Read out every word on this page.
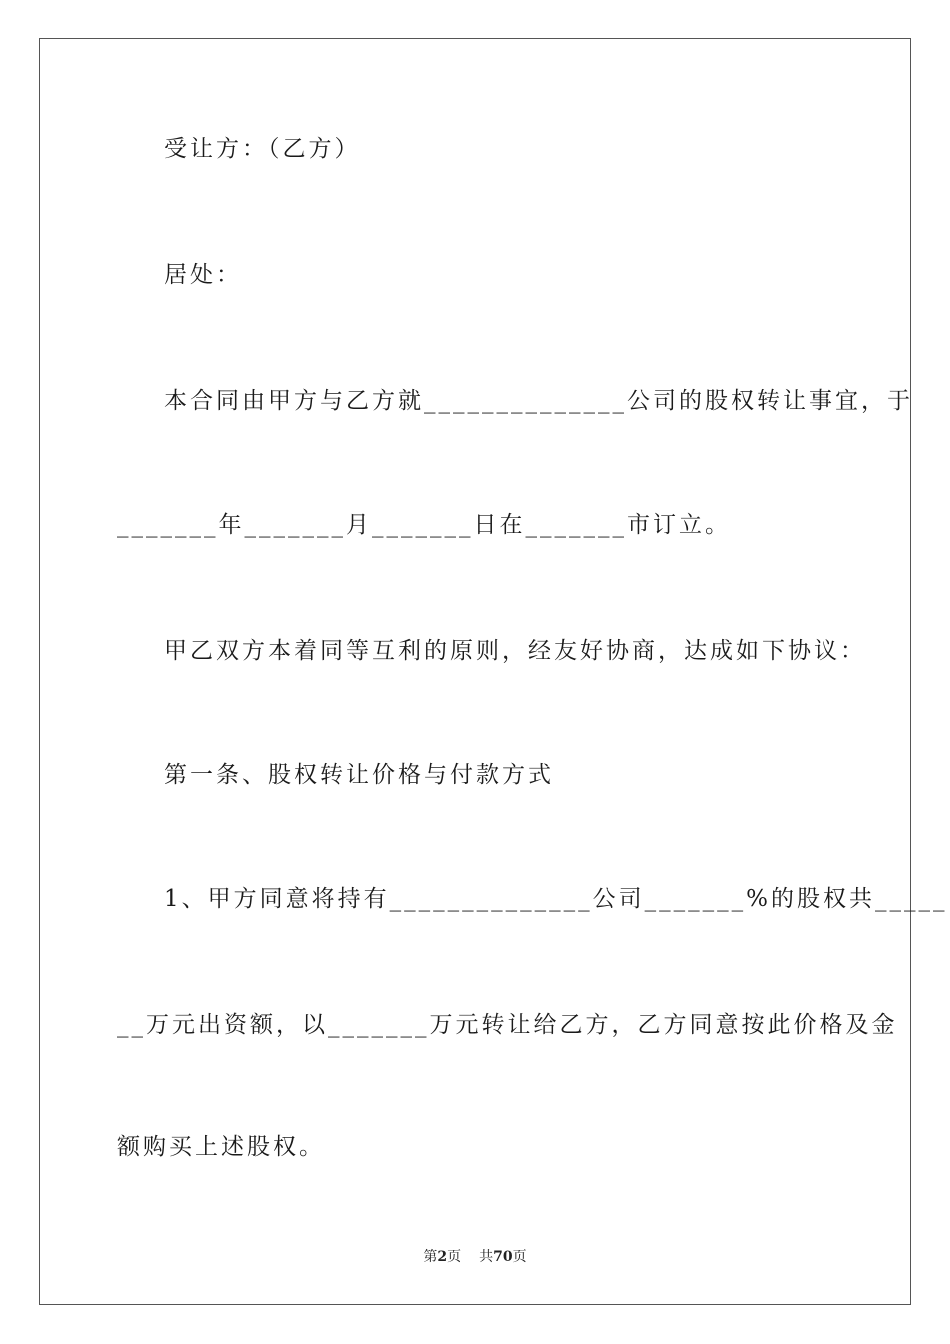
受让方：（乙方）
居处：
本合同由甲方与乙方就______________公司的股权转让事宜，于
_______年_______月_______日在_______市订立。
甲乙双方本着同等互利的原则，经友好协商，达成如下协议：
第一条、股权转让价格与付款方式
1、甲方同意将持有______________公司_______%的股权共_____
__万元出资额，以_______万元转让给乙方，乙方同意按此价格及金
额购买上述股权。
第2页 共70页
